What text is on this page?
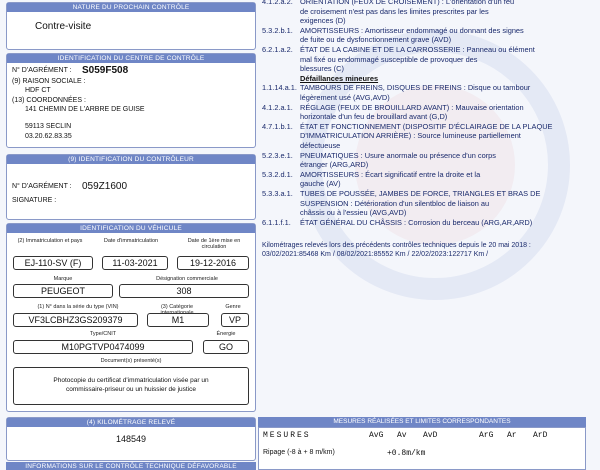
NATURE DU PROCHAIN CONTRÔLE
Contre-visite
IDENTIFICATION DU CENTRE DE CONTRÔLE
N° D'AGRÉMENT : S059F508
(9) RAISON SOCIALE :
HDF CT
(13) COORDONNÉES :
141 CHEMIN DE L'ARBRE DE GUISE
59113 SECLIN
03.20.62.83.35
(9) IDENTIFICATION DU CONTRÔLEUR
N° D'AGRÉMENT : 059Z1600
SIGNATURE :
IDENTIFICATION DU VÉHICULE
(2) Immatriculation et pays	Date d'immatriculation	Date de 1ère mise en circulation
EJ-110-SV (F)	11-03-2021	19-12-2016
Marque	Désignation commerciale
PEUGEOT	308
(1) N° dans la série du type (VIN)	(3) Catégorie	Genre
VF3LCBHZ3GS209379	M1	VP
Type/CNIT	Énergie
M10PGTVP0474099	GO
Document(s) présenté(s)
Photocopie du certificat d'immatriculation visée par un
commissaire-priseur ou un huissier de justice
(4) KILOMÉTRAGE RELEVÉ
148549
INFORMATIONS SUR LE CONTRÔLE TECHNIQUE DÉFAVORABLE
4.1.2.a.2. ORIENTATION (FEUX DE CROISEMENT) : L'orientation d'un feu
de croisement n'est pas dans les limites prescrites par les
exigences (D)
5.3.2.b.1. AMORTISSEURS : Amortisseur endommagé ou donnant des signes
de fuite ou de dysfonctionnement grave (AVD)
6.2.1.a.2. ÉTAT DE LA CABINE ET DE LA CARROSSERIE : Panneau ou élément
mal fixé ou endommagé susceptible de provoquer des
blessures (C)
Défaillances mineures
1.1.14.a.1. TAMBOURS DE FREINS, DISQUES DE FREINS : Disque ou tambour
légèrement usé (AVG,AVD)
4.1.2.a.1. RÉGLAGE (FEUX DE BROUILLARD AVANT) : Mauvaise orientation
horizontale d'un feu de brouillard avant (G,D)
4.7.1.b.1. ÉTAT ET FONCTIONNEMENT (DISPOSITIF D'ÉCLAIRAGE DE LA PLAQUE
D'IMMATRICULATION ARRIÈRE) : Source lumineuse partiellement
défectueuse
5.2.3.e.1. PNEUMATIQUES : Usure anormale ou présence d'un corps
étranger (ARG,ARD)
5.3.2.d.1. AMORTISSEURS : Écart significatif entre la droite et la
gauche (AV)
5.3.3.a.1. TUBES DE POUSSÉE, JAMBES DE FORCE, TRIANGLES ET BRAS DE
SUSPENSION : Détérioration d'un silentbloc de liaison au
châssis ou à l'essieu (AVG,AVD)
6.1.1.f.1. ÉTAT GÉNÉRAL DU CHÂSSIS : Corrosion du berceau (ARG,AR,ARD)
Kilométrages relevés lors des précédents contrôles techniques depuis le 20 mai 2018 :
03/02/2021:85468 Km / 08/02/2021:85552 Km / 22/02/2023:122717 Km /
MESURES RÉALISÉES ET LIMITES CORRESPONDANTES
MESURES	AvG Av AvD	ArG Ar ArD
Ripage (-8 à + 8 m/km)	+0.8m/km
